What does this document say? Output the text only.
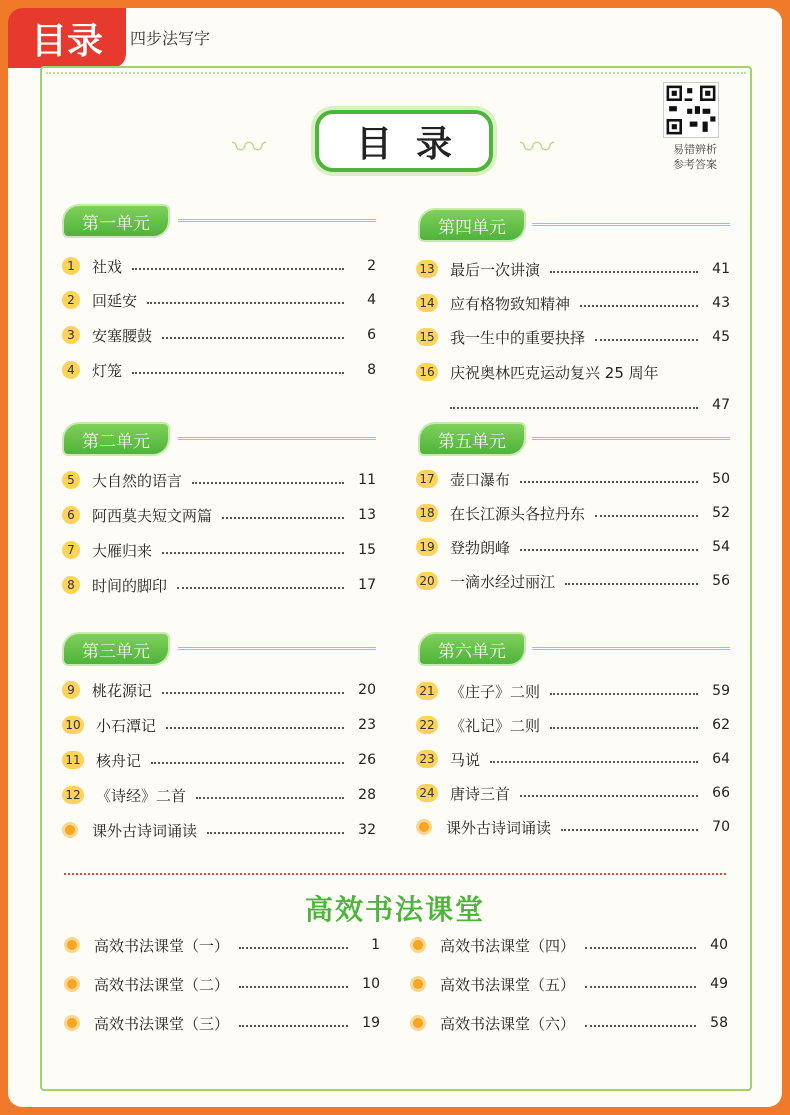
目录	四步法写字
〰	〰
目录	易错辨析
参考答案
第一单元	第四单元
第二单元	第五单元
第三单元	第六单元
1	社戏	2
2	回延安	4
3	安塞腰鼓	6
4	灯笼	8
5	大自然的语言	11
6	阿西莫夫短文两篇	13
7	大雁归来	15
8	时间的脚印	17
9	桃花源记	20
10 小石潭记	23
11 核舟记	26
12 《诗经》二首	28
课外古诗词诵读	32
13 最后一次讲演	41
14 应有格物致知精神	43
15 我一生中的重要抉择	45
16 庆祝奥林匹克运动复兴 25 周年
47
17 壶口瀑布	50
18 在长江源头各拉丹东	52
19 登勃朗峰	54
20 一滴水经过丽江	56
21 《庄子》二则	59
22 《礼记》二则	62
23 马说	64
24 唐诗三首	66
课外古诗词诵读	70
高效书法课堂
高效书法课堂（一）	1
高效书法课堂（二）	10
高效书法课堂（三）	19
高效书法课堂（四）	40
高效书法课堂（五）	49
高效书法课堂（六）	58
